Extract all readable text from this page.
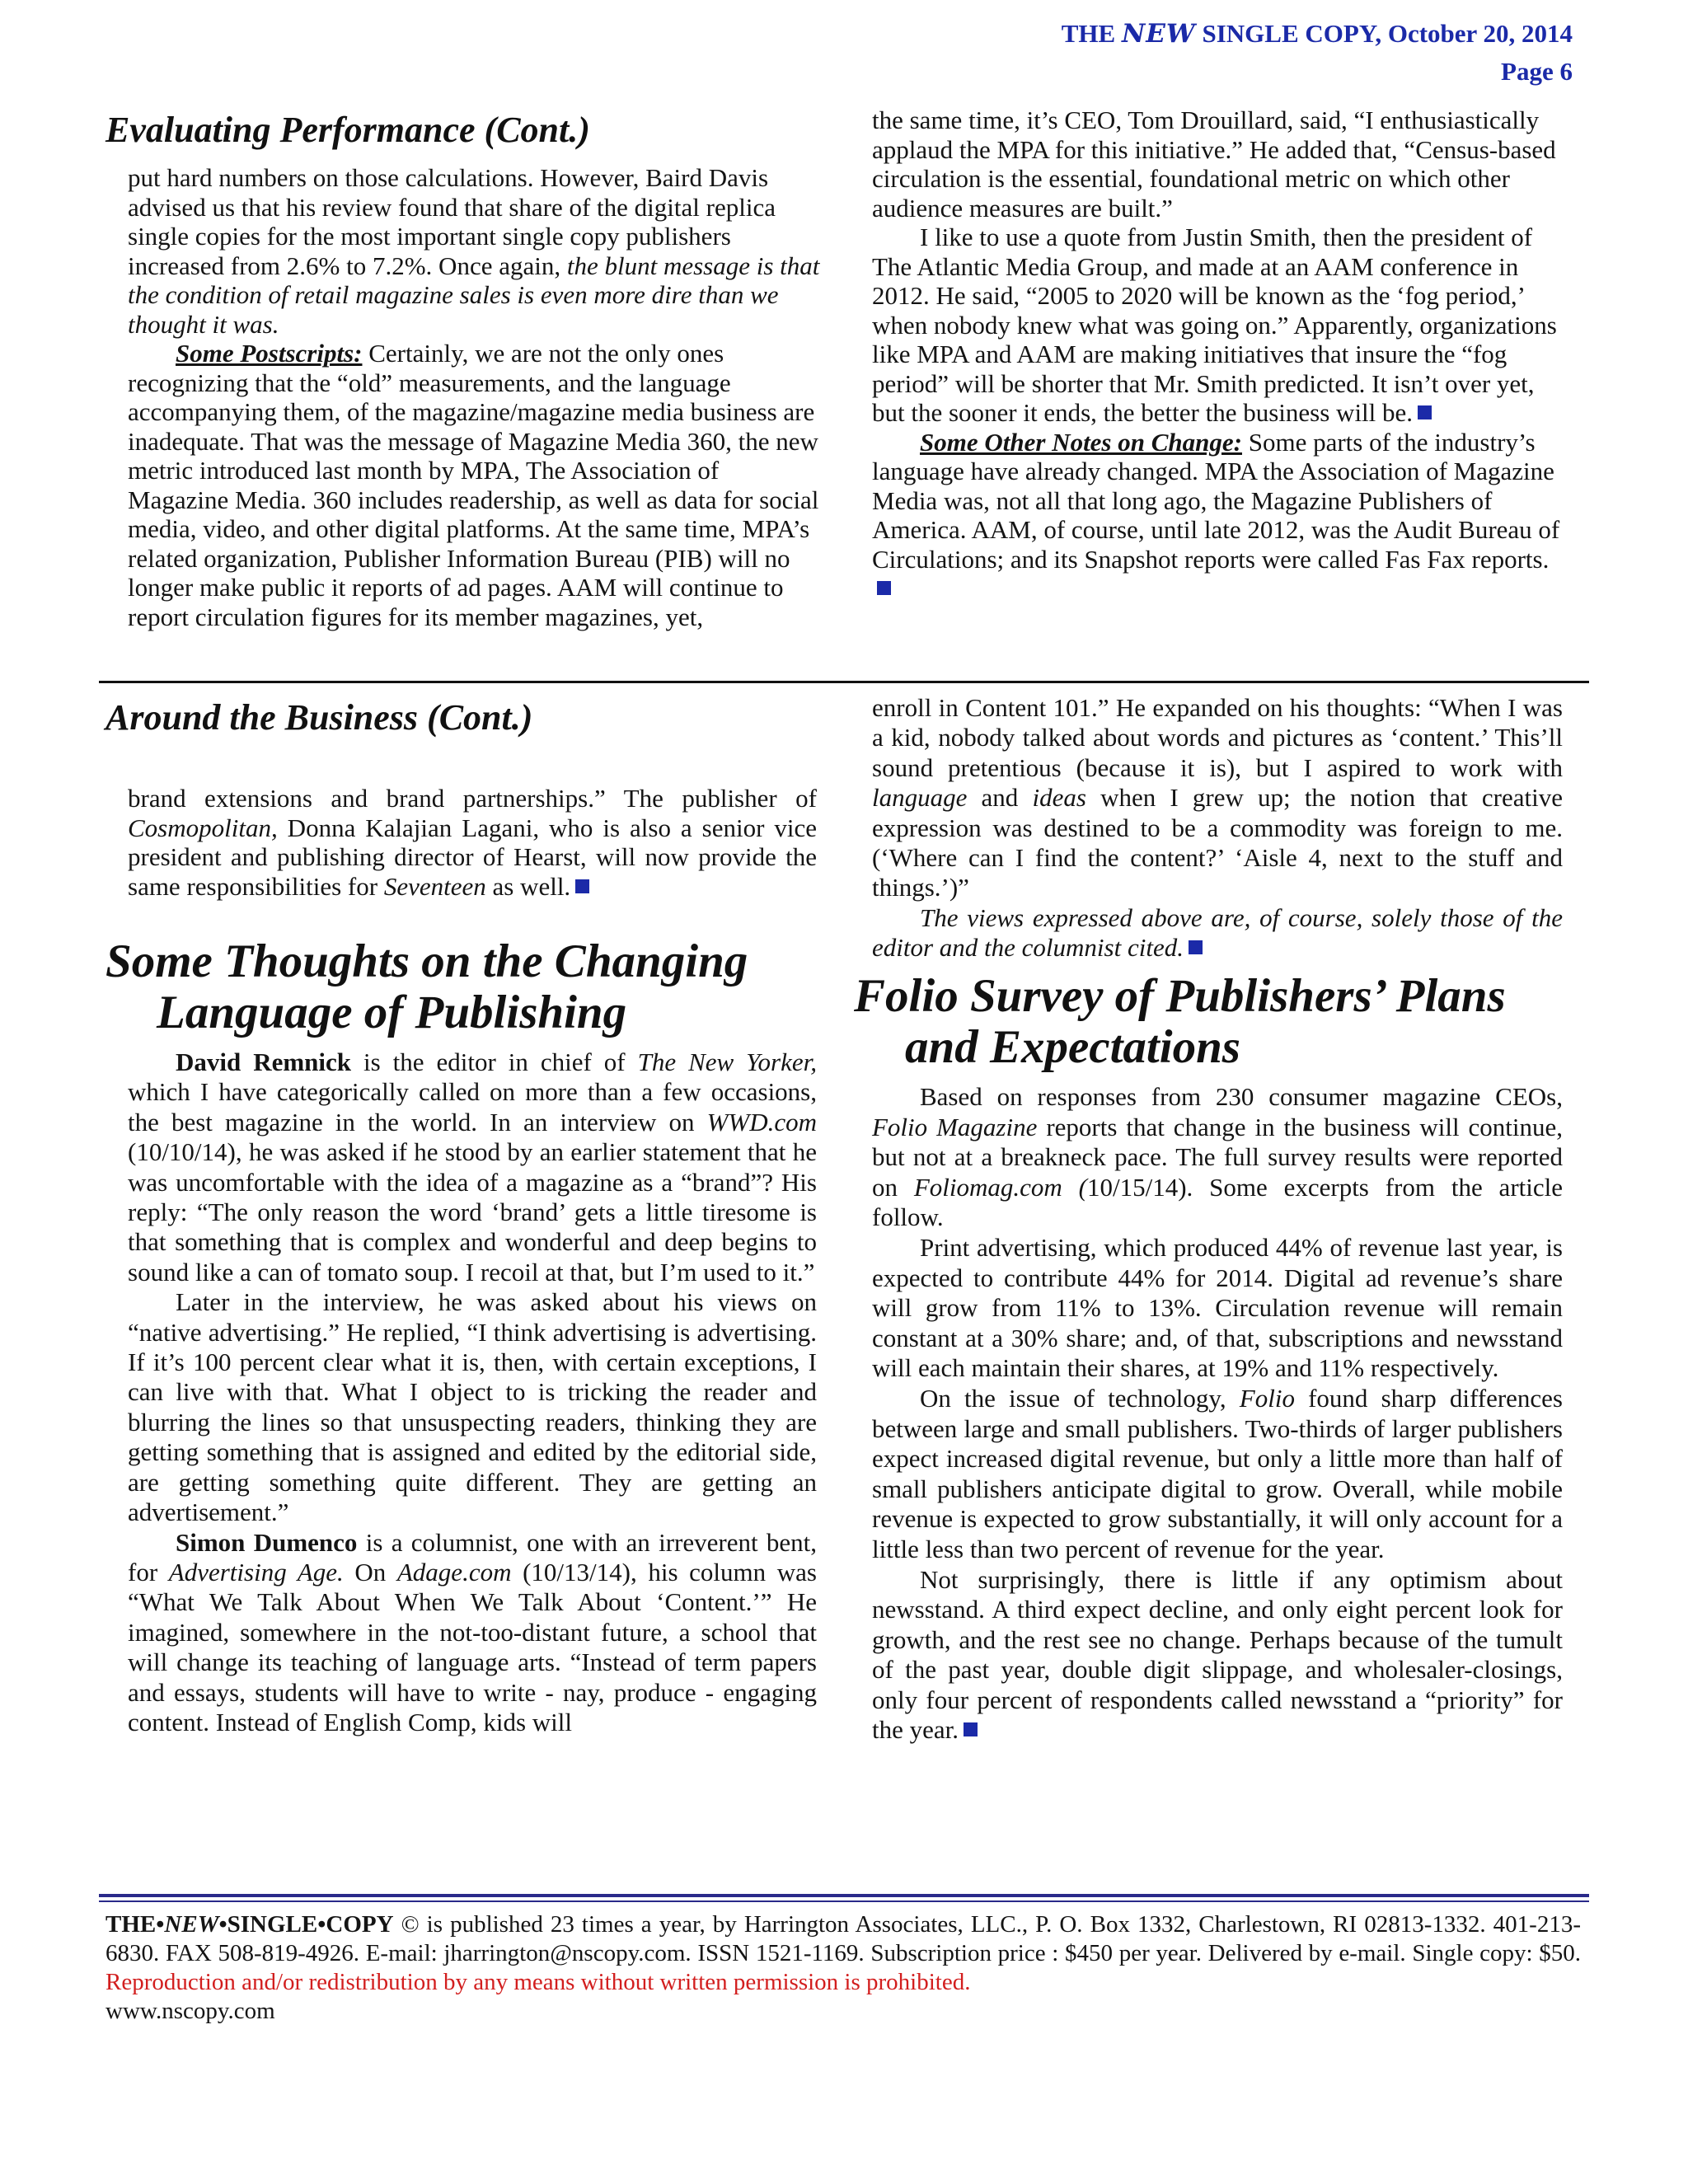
THE NEW SINGLE COPY, October 20, 2014
Page 6
Evaluating Performance (Cont.)

put hard numbers on those calculations. However, Baird Davis advised us that his review found that share of the digital replica single copies for the most important single copy publishers increased from 2.6% to 7.2%. Once again, the blunt message is that the condition of retail magazine sales is even more dire than we thought it was.

Some Postscripts: Certainly, we are not the only ones recognizing that the “old” measurements, and the language accompanying them, of the magazine/magazine media business are inadequate. That was the message of Magazine Media 360, the new metric introduced last month by MPA, The Association of Magazine Media. 360 includes readership, as well as data for social media, video, and other digital platforms. At the same time, MPA’s related organization, Publisher Information Bureau (PIB) will no longer make public it reports of ad pages. AAM will continue to report circulation figures for its member magazines, yet,

the same time, it’s CEO, Tom Drouillard, said, “I enthusiastically applaud the MPA for this initiative.” He added that, “Census-based circulation is the essential, foundational metric on which other audience measures are built.”

I like to use a quote from Justin Smith, then the president of The Atlantic Media Group, and made at an AAM conference in 2012. He said, “2005 to 2020 will be known as the ‘fog period,’ when nobody knew what was going on.” Apparently, organizations like MPA and AAM are making initiatives that insure the “fog period” will be shorter that Mr. Smith predicted. It isn’t over yet, but the sooner it ends, the better the business will be.

Some Other Notes on Change: Some parts of the industry’s language have already changed. MPA the Association of Magazine Media was, not all that long ago, the Magazine Publishers of America. AAM, of course, until late 2012, was the Audit Bureau of Circulations; and its Snapshot reports were called Fas Fax reports.

Around the Business (Cont.)

brand extensions and brand partnerships.” The publisher of Cosmopolitan, Donna Kalajian Lagani, who is also a senior vice president and publishing director of Hearst, will now provide the same responsibilities for Seventeen as well.

Some Thoughts on the Changing
Language of Publishing

David Remnick is the editor in chief of The New Yorker, which I have categorically called on more than a few occasions, the best magazine in the world. In an interview on WWD.com (10/10/14), he was asked if he stood by an earlier statement that he was uncomfortable with the idea of a magazine as a “brand”? His reply: “The only reason the word ‘brand’ gets a little tiresome is that something that is complex and wonderful and deep begins to sound like a can of tomato soup. I recoil at that, but I’m used to it.”

Later in the interview, he was asked about his views on “native advertising.” He replied, “I think advertising is advertising. If it’s 100 percent clear what it is, then, with certain exceptions, I can live with that. What I object to is tricking the reader and blurring the lines so that unsuspecting readers, thinking they are getting something that is assigned and edited by the editorial side, are getting something quite different. They are getting an advertisement.”

Simon Dumenco is a columnist, one with an irreverent bent, for Advertising Age. On Adage.com (10/13/14), his column was “What We Talk About When We Talk About ‘Content.’” He imagined, somewhere in the not-too-distant future, a school that will change its teaching of language arts. “Instead of term papers and essays, students will have to write - nay, produce - engaging content. Instead of English Comp, kids will

enroll in Content 101.” He expanded on his thoughts: “When I was a kid, nobody talked about words and pictures as ‘content.’ This’ll sound pretentious (because it is), but I aspired to work with language and ideas when I grew up; the notion that creative expression was destined to be a commodity was foreign to me. (‘Where can I find the content?’ ‘Aisle 4, next to the stuff and things.’)”

The views expressed above are, of course, solely those of the editor and the columnist cited.

Folio Survey of Publishers’ Plans
and Expectations

Based on responses from 230 consumer magazine CEOs, Folio Magazine reports that change in the business will continue, but not at a breakneck pace. The full survey results were reported on Foliomag.com (10/15/14). Some excerpts from the article follow.

Print advertising, which produced 44% of revenue last year, is expected to contribute 44% for 2014. Digital ad revenue’s share will grow from 11% to 13%. Circulation revenue will remain constant at a 30% share; and, of that, subscriptions and newsstand will each maintain their shares, at 19% and 11% respectively.

On the issue of technology, Folio found sharp differences between large and small publishers. Two-thirds of larger publishers expect increased digital revenue, but only a little more than half of small publishers anticipate digital to grow. Overall, while mobile revenue is expected to grow substantially, it will only account for a little less than two percent of revenue for the year.

Not surprisingly, there is little if any optimism about newsstand. A third expect decline, and only eight percent look for growth, and the rest see no change. Perhaps because of the tumult of the past year, double digit slippage, and wholesaler-closings, only four percent of respondents called newsstand a “priority” for the year.

THE•NEW•SINGLE•COPY © is published 23 times a year, by Harrington Associates, LLC., P. O. Box 1332, Charlestown, RI 02813-1332. 401-213-6830. FAX 508-819-4926. E-mail: jharrington@nscopy.com. ISSN 1521-1169. Subscription price : $450 per year. Delivered by e-mail. Single copy: $50. Reproduction and/or redistribution by any means without written permission is prohibited.
www.nscopy.com
